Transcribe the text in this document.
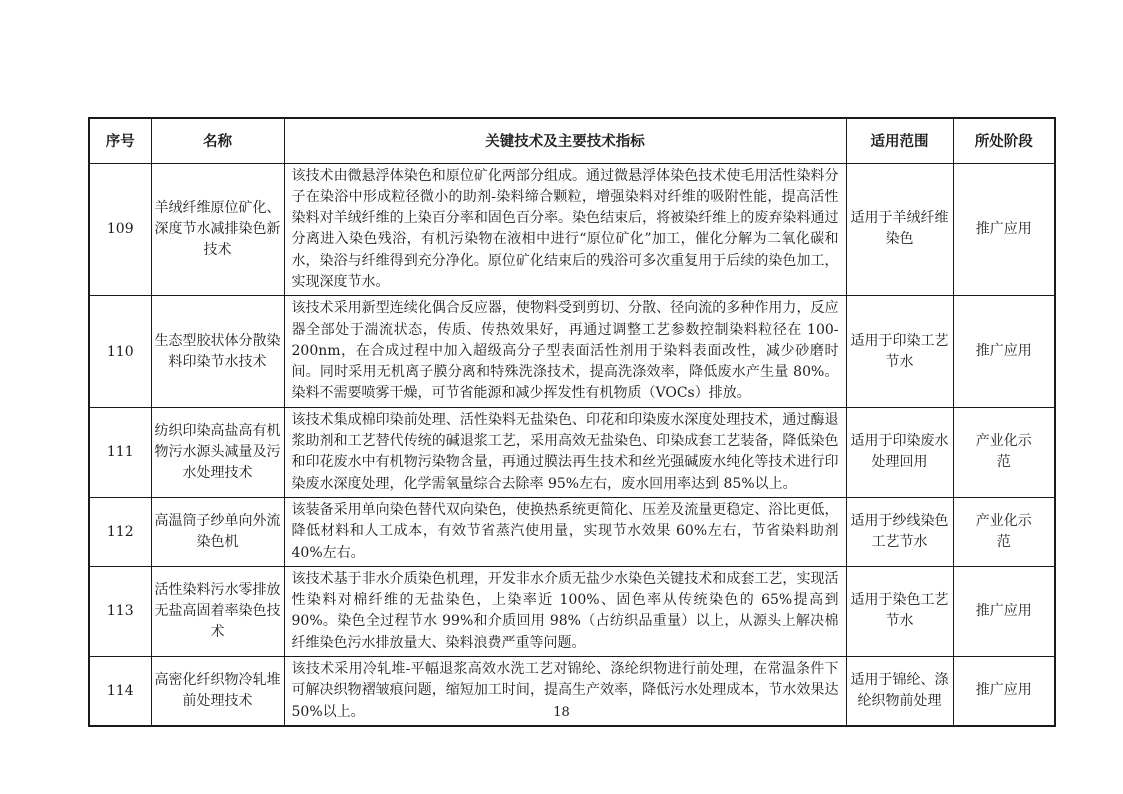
序号	名称	关键技术及主要技术指标	适用范围	所处阶段
109	羊绒纤维原位矿化、深度节水减排染色新技术	该技术由微悬浮体染色和原位矿化两部分组成。通过微悬浮体染色技术使毛用活性染料分子在染浴中形成粒径微小的助剂-染料缔合颗粒，增强染料对纤维的吸附性能，提高活性染料对羊绒纤维的上染百分率和固色百分率。染色结束后，将被染纤维上的废弃染料通过分离进入染色残浴，有机污染物在液相中进行“原位矿化”加工，催化分解为二氧化碳和水，染浴与纤维得到充分净化。原位矿化结束后的残浴可多次重复用于后续的染色加工，实现深度节水。	适用于羊绒纤维染色	推广应用
110	生态型胶状体分散染料印染节水技术	该技术采用新型连续化偶合反应器，使物料受到剪切、分散、径向流的多种作用力，反应器全部处于湍流状态，传质、传热效果好，再通过调整工艺参数控制染料粒径在 100-200nm，在合成过程中加入超级高分子型表面活性剂用于染料表面改性，减少砂磨时间。同时采用无机离子膜分离和特殊洗涤技术，提高洗涤效率，降低废水产生量 80%。染料不需要喷雾干燥，可节省能源和减少挥发性有机物质（VOCs）排放。	适用于印染工艺节水	推广应用
111	纺织印染高盐高有机物污水源头减量及污水处理技术	该技术集成棉印染前处理、活性染料无盐染色、印花和印染废水深度处理技术，通过酶退浆助剂和工艺替代传统的碱退浆工艺，采用高效无盐染色、印染成套工艺装备，降低染色和印花废水中有机物污染物含量，再通过膜法再生技术和丝光强碱废水纯化等技术进行印染废水深度处理，化学需氧量综合去除率 95%左右，废水回用率达到 85%以上。	适用于印染废水处理回用	产业化示范
112	高温筒子纱单向外流染色机	该装备采用单向染色替代双向染色，使换热系统更简化、压差及流量更稳定、浴比更低，降低材料和人工成本，有效节省蒸汽使用量，实现节水效果 60%左右，节省染料助剂 40%左右。	适用于纱线染色工艺节水	产业化示范
113	活性染料污水零排放无盐高固着率染色技术	该技术基于非水介质染色机理，开发非水介质无盐少水染色关键技术和成套工艺，实现活性染料对棉纤维的无盐染色，上染率近 100%、固色率从传统染色的 65%提高到 90%。染色全过程节水 99%和介质回用 98%（占纺织品重量）以上，从源头上解决棉纤维染色污水排放量大、染料浪费严重等问题。	适用于染色工艺节水	推广应用
114	高密化纤织物冷轧堆前处理技术	该技术采用冷轧堆-平幅退浆高效水洗工艺对锦纶、涤纶织物进行前处理，在常温条件下可解决织物褶皱痕问题，缩短加工时间，提高生产效率，降低污水处理成本，节水效果达 50%以上。	适用于锦纶、涤纶织物前处理	推广应用
18
